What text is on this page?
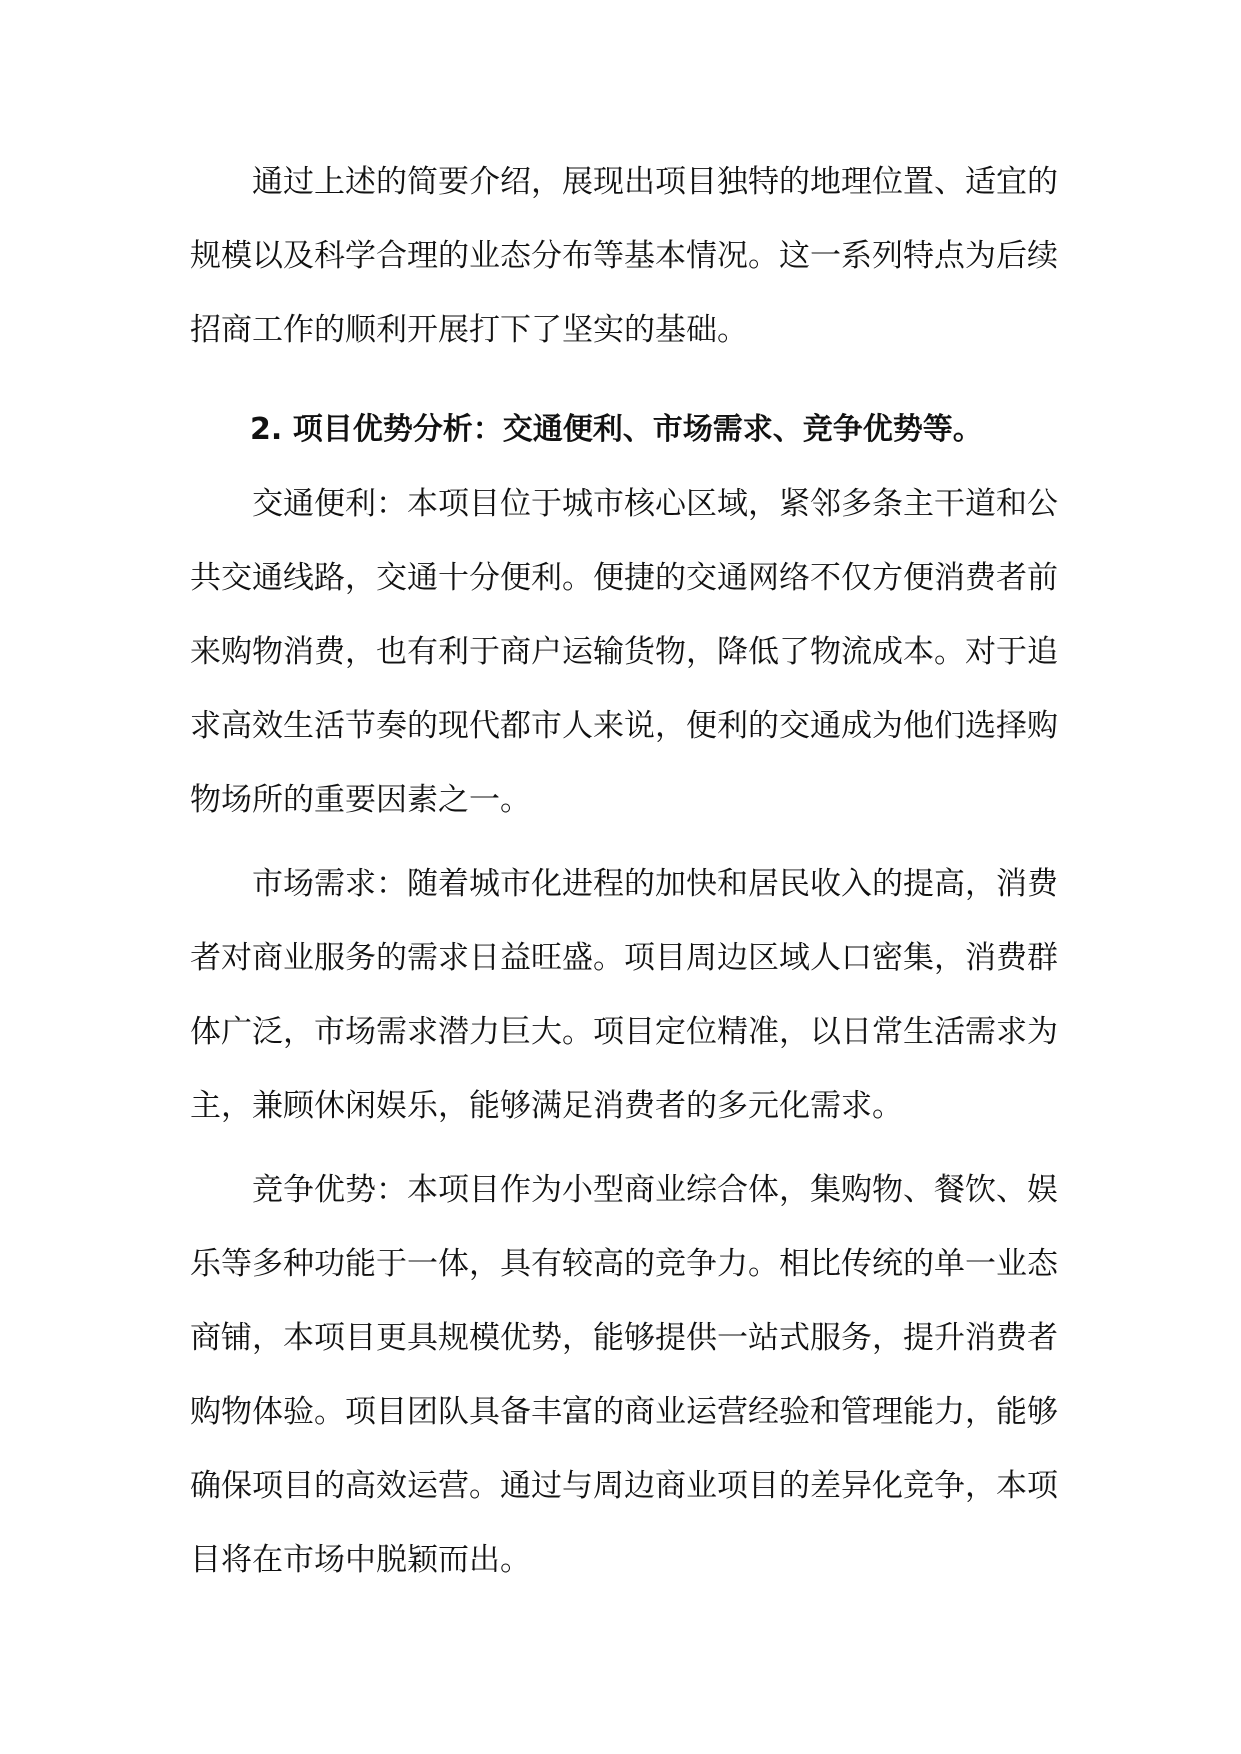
通过上述的简要介绍，展现出项目独特的地理位置、适宜的规模以及科学合理的业态分布等基本情况。这一系列特点为后续招商工作的顺利开展打下了坚实的基础。

2. 项目优势分析：交通便利、市场需求、竞争优势等。

交通便利：本项目位于城市核心区域，紧邻多条主干道和公共交通线路，交通十分便利。便捷的交通网络不仅方便消费者前来购物消费，也有利于商户运输货物，降低了物流成本。对于追求高效生活节奏的现代都市人来说，便利的交通成为他们选择购物场所的重要因素之一。

市场需求：随着城市化进程的加快和居民收入的提高，消费者对商业服务的需求日益旺盛。项目周边区域人口密集，消费群体广泛，市场需求潜力巨大。项目定位精准，以日常生活需求为主，兼顾休闲娱乐，能够满足消费者的多元化需求。

竞争优势：本项目作为小型商业综合体，集购物、餐饮、娱乐等多种功能于一体，具有较高的竞争力。相比传统的单一业态商铺，本项目更具规模优势，能够提供一站式服务，提升消费者购物体验。项目团队具备丰富的商业运营经验和管理能力，能够确保项目的高效运营。通过与周边商业项目的差异化竞争，本项目将在市场中脱颖而出。
